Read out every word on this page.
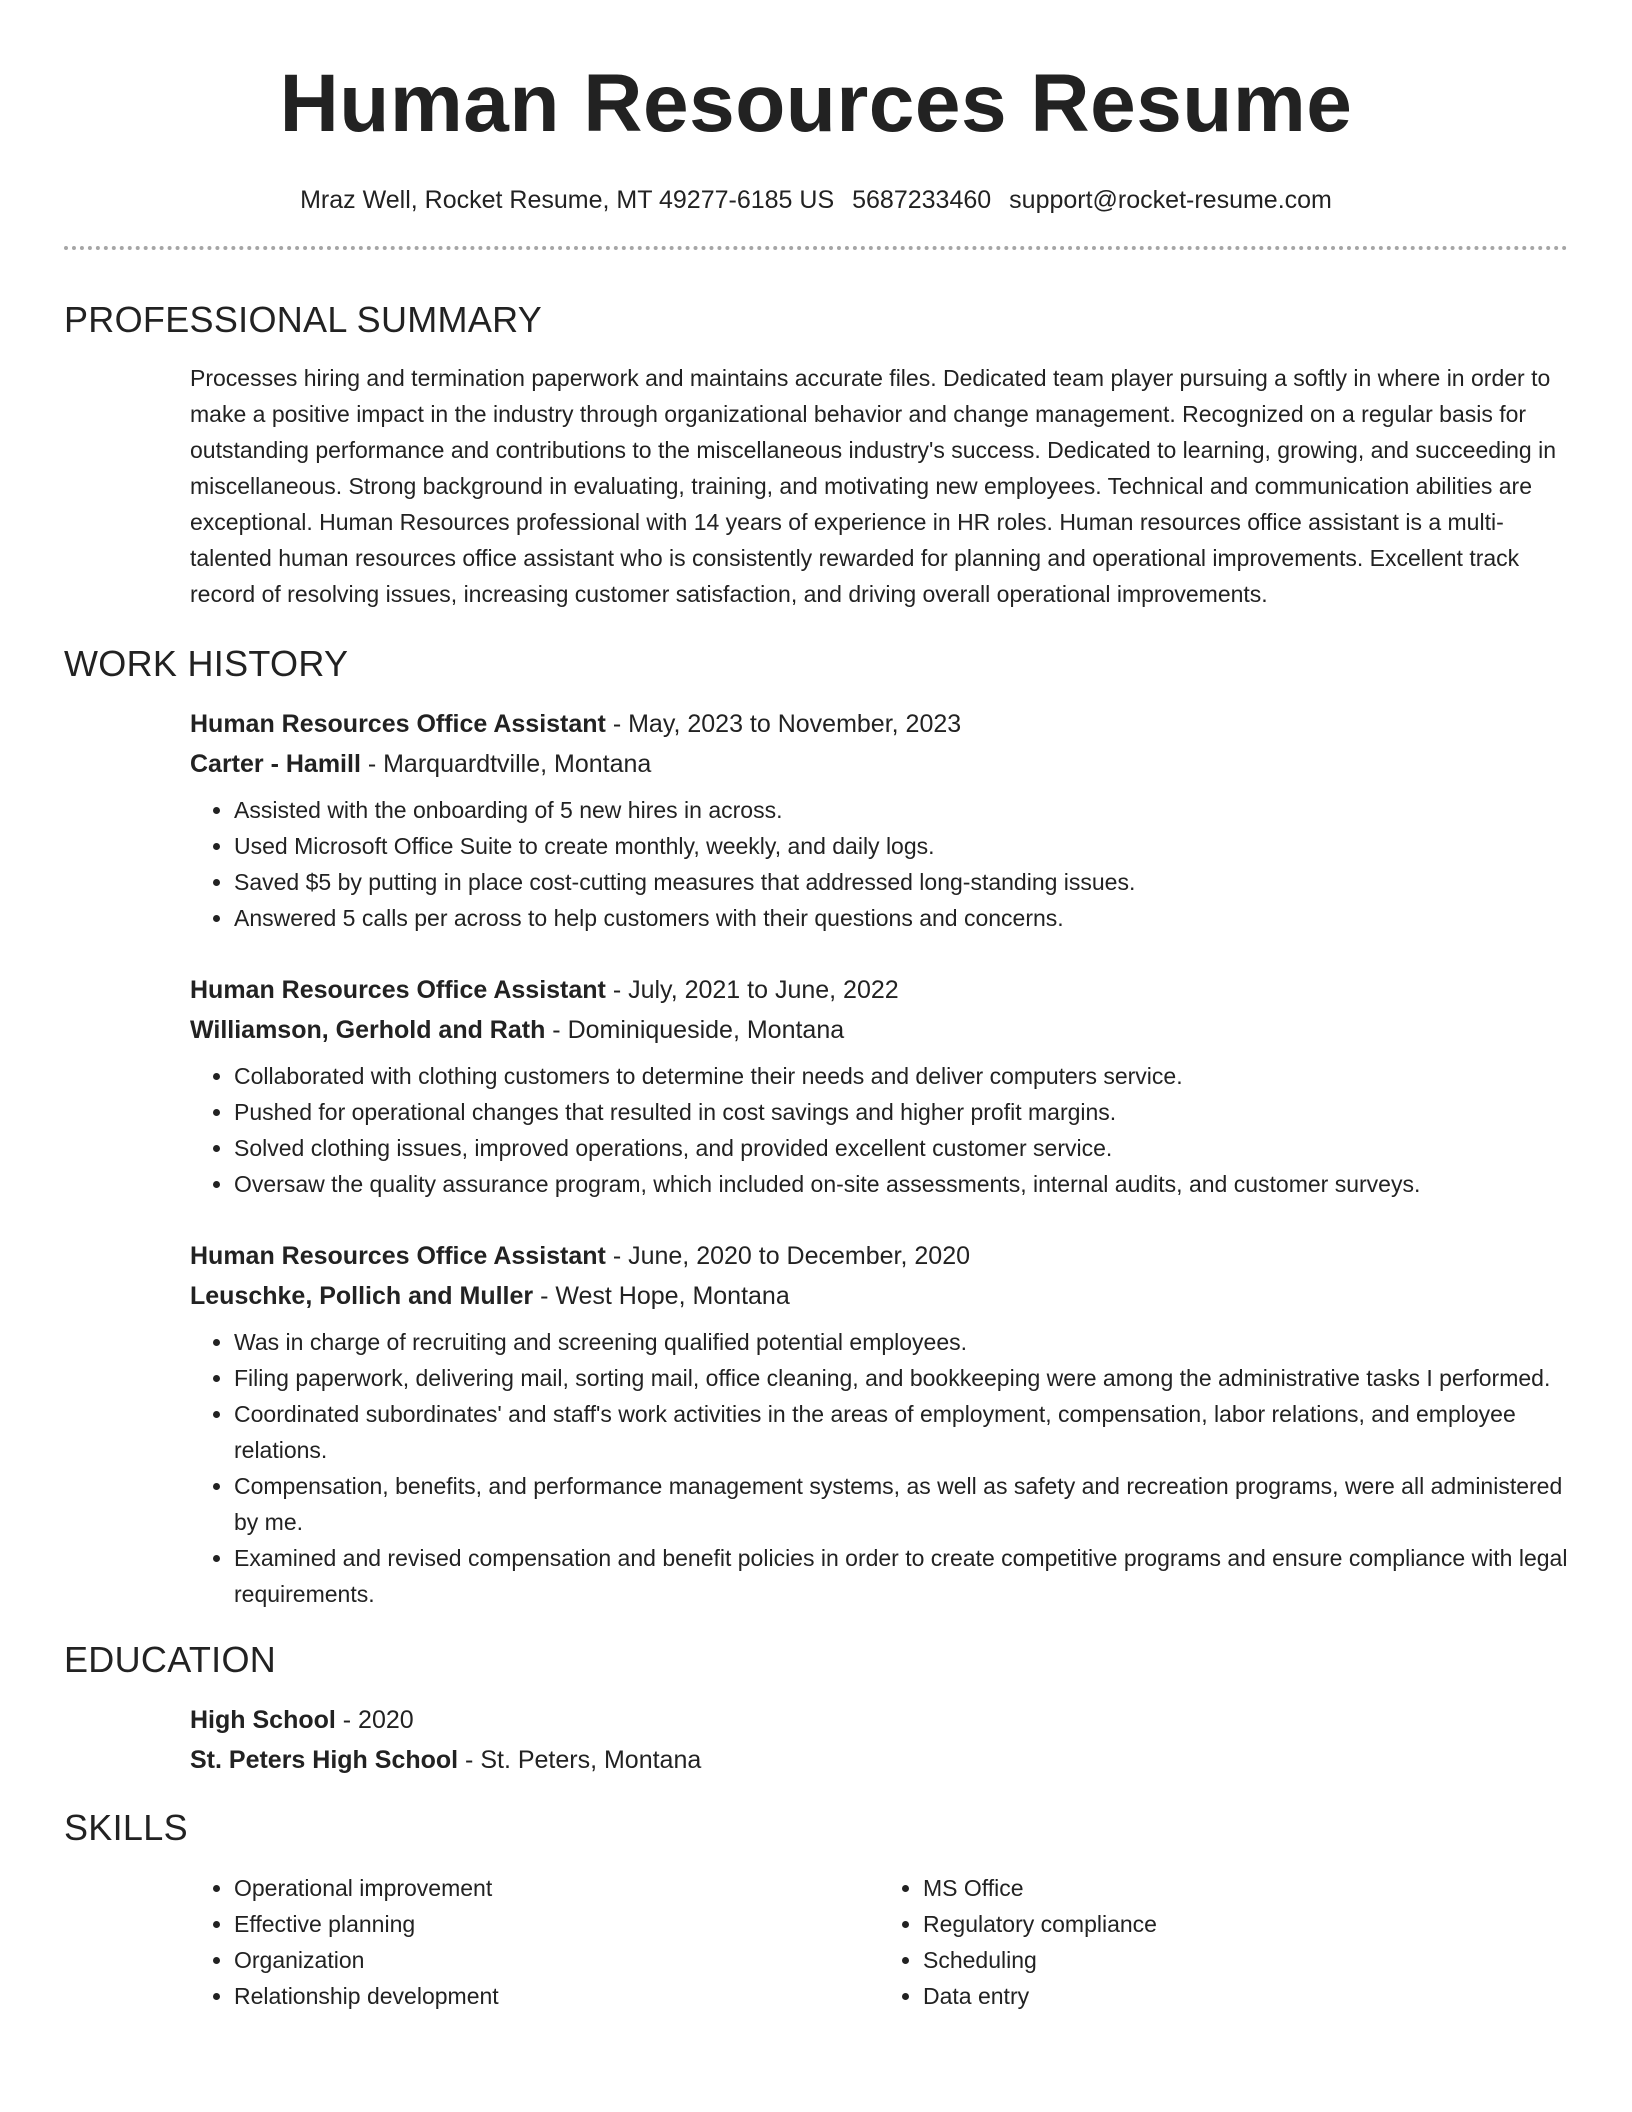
Human Resources Resume
Mraz Well, Rocket Resume, MT 49277-6185 US 5687233460 support@rocket-resume.com
PROFESSIONAL SUMMARY

Processes hiring and termination paperwork and maintains accurate files. Dedicated team player pursuing a softly in where in order to make a positive impact in the industry through organizational behavior and change management. Recognized on a regular basis for outstanding performance and contributions to the miscellaneous industry's success. Dedicated to learning, growing, and succeeding in miscellaneous. Strong background in evaluating, training, and motivating new employees. Technical and communication abilities are exceptional. Human Resources professional with 14 years of experience in HR roles. Human resources office assistant is a multi-talented human resources office assistant who is consistently rewarded for planning and operational improvements. Excellent track record of resolving issues, increasing customer satisfaction, and driving overall operational improvements.

WORK HISTORY
Human Resources Office Assistant - May, 2023 to November, 2023
Carter - Hamill - Marquardtville, Montana
• Assisted with the onboarding of 5 new hires in across.
• Used Microsoft Office Suite to create monthly, weekly, and daily logs.
• Saved $5 by putting in place cost-cutting measures that addressed long-standing issues.
• Answered 5 calls per across to help customers with their questions and concerns.
Human Resources Office Assistant - July, 2021 to June, 2022
Williamson, Gerhold and Rath - Dominiqueside, Montana
• Collaborated with clothing customers to determine their needs and deliver computers service.
• Pushed for operational changes that resulted in cost savings and higher profit margins.
• Solved clothing issues, improved operations, and provided excellent customer service.
• Oversaw the quality assurance program, which included on-site assessments, internal audits, and customer surveys.
Human Resources Office Assistant - June, 2020 to December, 2020
Leuschke, Pollich and Muller - West Hope, Montana
• Was in charge of recruiting and screening qualified potential employees.
• Filing paperwork, delivering mail, sorting mail, office cleaning, and bookkeeping were among the administrative tasks I performed.
• Coordinated subordinates' and staff's work activities in the areas of employment, compensation, labor relations, and employee relations.
• Compensation, benefits, and performance management systems, as well as safety and recreation programs, were all administered by me.
• Examined and revised compensation and benefit policies in order to create competitive programs and ensure compliance with legal requirements.
EDUCATION
High School - 2020
St. Peters High School - St. Peters, Montana
SKILLS
• Operational improvement
• Effective planning
• Organization
• Relationship development
• MS Office
• Regulatory compliance
• Scheduling
• Data entry
